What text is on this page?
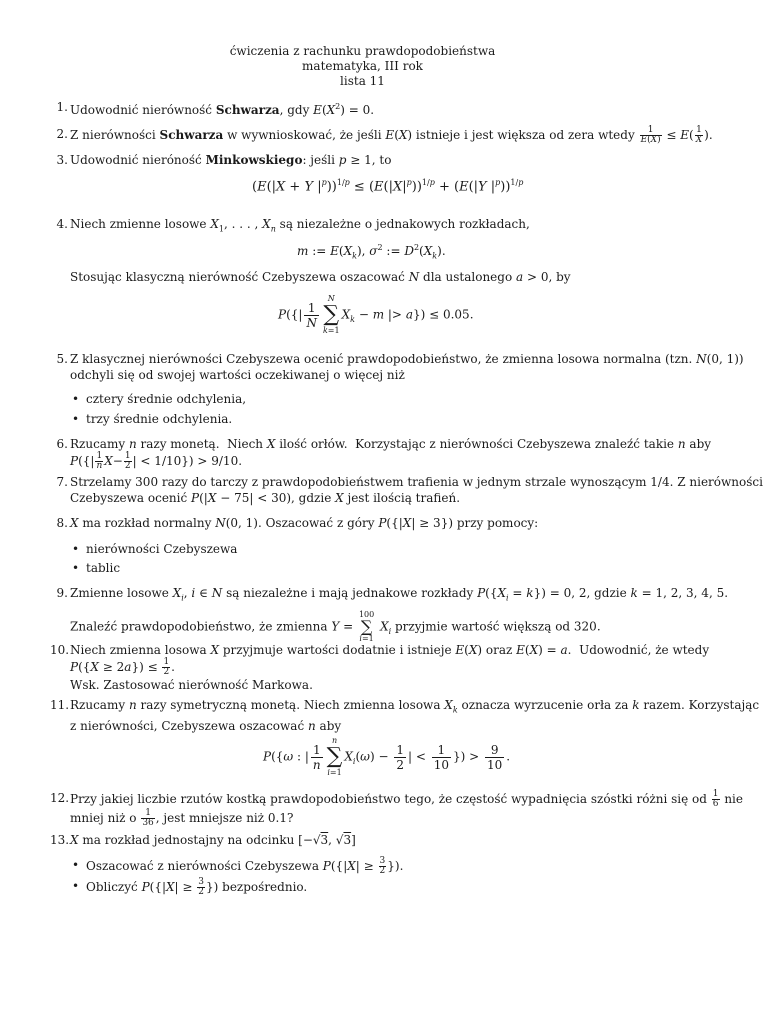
ćwiczenia z rachunku prawdopodobieństwa
matematyka, III rok
lista 11
1. Udowodnić nierówność Schwarza, gdy $E(X^2) = 0$.
2. Z nierówności Schwarza w wywnioskować, że jeśli E(X) istnieje i jest większa od zera wtedy $\frac{1}{E(X)} \le E( \frac{1}{X}$ ).
3. Udowodnić nieróność Minkowskiego: jeśli p ≥ 1, to
(E(|X + Y $|^p))^{1/p} \le (E(|X|^p))^{1/p} + (E(|Y$ $|^p))^{1/p}$
4. Niech zmienne losowe $X_1$, . . . , $X_n$ są niezależne o jednakowych rozkładach,
m := $E(X_k)$, $\sigma^2$ := $D^2(X_k)$.
Stosując klasyczną nierówność Czebyszewa oszacować N dla ustalonego a > 0, by
$P(\{| \frac{1}{N}$
N
∑
k=1
$X_k - m$ |> a}) ≤ 0.05.
5. Z klasycznej nierówności Czebyszewa ocenić prawdopodobieństwo, że zmienna losowa normalna (tzn. N(0, 1))
odchyli się od swojej wartości oczekiwanej o więcej niż
• cztery średnie odchylenia,
• trzy średnie odchylenia.
6. Rzucamy n razy monetą.  Niech X ilość orłów.  Korzystając z nierówności Czebyszewa znaleźć takie n aby
$P(\{| \frac{1}{n} X- \frac{1}{2}$ | < 1/10}) > 9/10.
7. Strzelamy 300 razy do tarczy z prawdopodobieństwem trafienia w jednym strzale wynoszącym 1/4. Z nierówności
Czebyszewa ocenić P(|X − 75| < 30), gdzie X jest ilością trafień.
8. X ma rozkład normalny N(0, 1). Oszacować z góry P({|X| ≥ 3}) przy pomocy:
• nierówności Czebyszewa
• tablic
9. Zmienne losowe $X_i$, i ∈ N są niezależne i mają jednakowe rozkłady $P(\{X_i = k\}) = 0$, 2, gdzie k = 1, 2, 3, 4, 5.
Znaleźć prawdopodobieństwo, że zmienna Y =
100
∑
i=1
$X_i$ przyjmie wartość większą od 320.
10. Niech zmienna losowa X przyjmuje wartości dodatnie i istnieje E(X) oraz E(X) = a.  Udowodnić, że wtedy
$P(\{X \ge 2a\}) \le \frac{1}{2}$ .
Wsk. Zastosować nierówność Markowa.
11. Rzucamy n razy symetryczną monetą. Niech zmienna losowa $X_k$ oznacza wyrzucenie orła za k razem. Korzystając
z nierówności, Czebyszewa oszacować n aby
P({ω : | $\frac{1}{n}$
n
∑
i=1
$X_i(\omega) - \frac{1}{2}$ | < $\frac{1}{10}$ }) > $\frac{9}{10}$ .
12. Przy jakiej liczbie rzutów kostką prawdopodobieństwo tego, że częstość wypadnięcia szóstki różni się od $\frac{1}{6}$ nie
mniej niż o $\frac{1}{36}$ , jest mniejsze niż 0.1?
13. X ma rozkład jednostajny na odcinku [−√3, √3]
• Oszacować z nierówności Czebyszewa $P(\{|X| \ge \frac{3}{2}$ }).
• Obliczyć $P(\{|X| \ge \frac{3}{2}$ }) bezpośrednio.
